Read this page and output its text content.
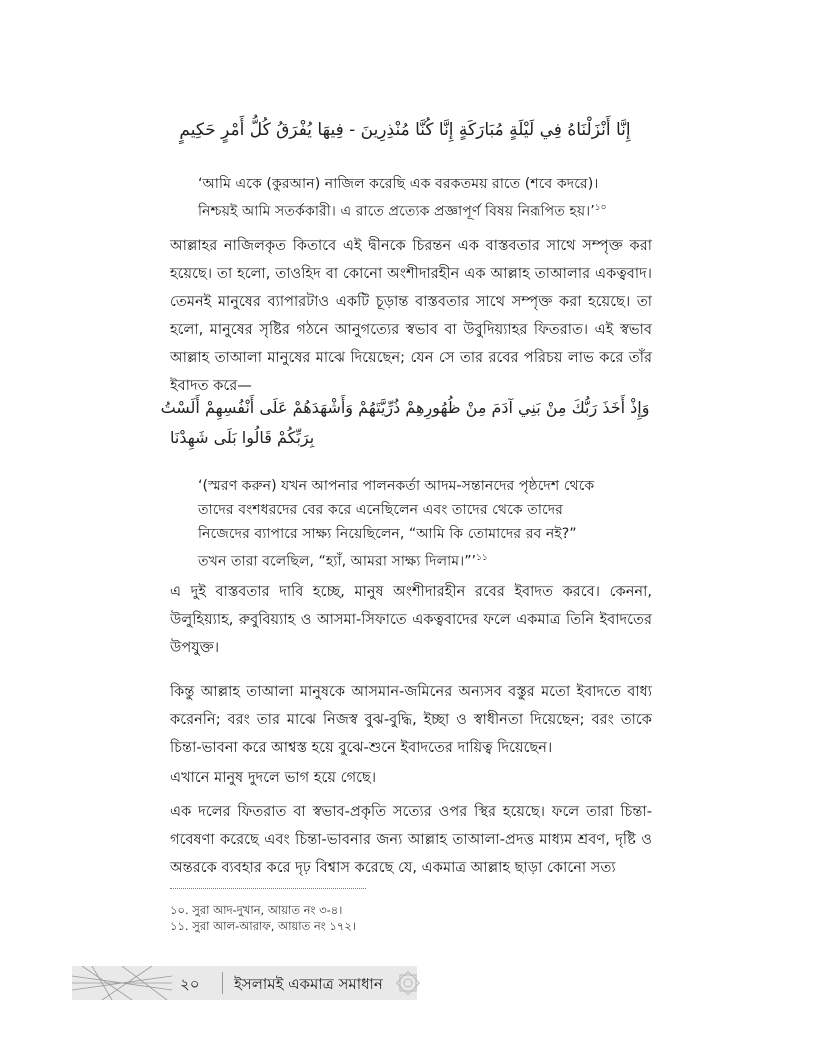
إِنَّا أَنْزَلْنَاهُ فِي لَيْلَةٍ مُبَارَكَةٍ إِنَّا كُنَّا مُنْذِرِينَ - فِيهَا يُفْرَقُ كُلُّ أَمْرٍ حَكِيمٍ
‘আমি একে (কুরআন) নাজিল করেছি এক বরকতময় রাতে (শবে কদরে)।
নিশ্চয়ই আমি সতর্ককারী। এ রাতে প্রত্যেক প্রজ্ঞাপূর্ণ বিষয় নিরূপিত হয়।’$^{১০}$
আল্লাহর নাজিলকৃত কিতাবে এই দ্বীনকে চিরন্তন এক বাস্তবতার সাথে সম্পৃক্ত করা হয়েছে। তা হলো, তাওহিদ বা কোনো অংশীদারহীন এক আল্লাহ তাআলার একত্ববাদ। তেমনই মানুষের ব্যাপারটাও একটি চূড়ান্ত বাস্তবতার সাথে সম্পৃক্ত করা হয়েছে। তা হলো, মানুষের সৃষ্টির গঠনে আনুগত্যের স্বভাব বা উবুদিয়্যাহর ফিতরাত। এই স্বভাব আল্লাহ তাআলা মানুষের মাঝে দিয়েছেন; যেন সে তার রবের পরিচয় লাভ করে তাঁর ইবাদত করে—
وَإِذْ أَخَذَ رَبُّكَ مِنْ بَنِي آدَمَ مِنْ ظُهُورِهِمْ ذُرِّيَّتَهُمْ وَأَشْهَدَهُمْ عَلَى أَنْفُسِهِمْ أَلَسْتُ
بِرَبِّكُمْ قَالُوا بَلَى شَهِدْنَا
‘(স্মরণ করুন) যখন আপনার পালনকর্তা আদম-সন্তানদের পৃষ্ঠদেশ থেকে
তাদের বংশধরদের বের করে এনেছিলেন এবং তাদের থেকে তাদের
নিজেদের ব্যাপারে সাক্ষ্য নিয়েছিলেন, “আমি কি তোমাদের রব নই?”
তখন তারা বলেছিল, “হ্যাঁ, আমরা সাক্ষ্য দিলাম।”’$^{১১}$
এ দুই বাস্তবতার দাবি হচ্ছে, মানুষ অংশীদারহীন রবের ইবাদত করবে। কেননা, উলুহিয়্যাহ, রুবুবিয়্যাহ ও আসমা-সিফাতে একত্ববাদের ফলে একমাত্র তিনি ইবাদতের উপযুক্ত।
কিন্তু আল্লাহ তাআলা মানুষকে আসমান-জমিনের অন্যসব বস্তুর মতো ইবাদতে বাধ্য করেননি; বরং তার মাঝে নিজস্ব বুঝ-বুদ্ধি, ইচ্ছা ও স্বাধীনতা দিয়েছেন; বরং তাকে চিন্তা-ভাবনা করে আশ্বস্ত হয়ে বুঝে-শুনে ইবাদতের দায়িত্ব দিয়েছেন।
এখানে মানুষ দুদলে ভাগ হয়ে গেছে।
এক দলের ফিতরাত বা স্বভাব-প্রকৃতি সত্যের ওপর স্থির হয়েছে। ফলে তারা চিন্তা-গবেষণা করেছে এবং চিন্তা-ভাবনার জন্য আল্লাহ তাআলা-প্রদত্ত মাধ্যম শ্রবণ, দৃষ্টি ও অন্তরকে ব্যবহার করে দৃঢ় বিশ্বাস করেছে যে, একমাত্র আল্লাহ ছাড়া কোনো সত্য
১০. সুরা আদ-দুখান, আয়াত নং ৩-৪।
১১. সুরা আল-আরাফ, আয়াত নং ১৭২।
২০ ইসলামই একমাত্র সমাধান
